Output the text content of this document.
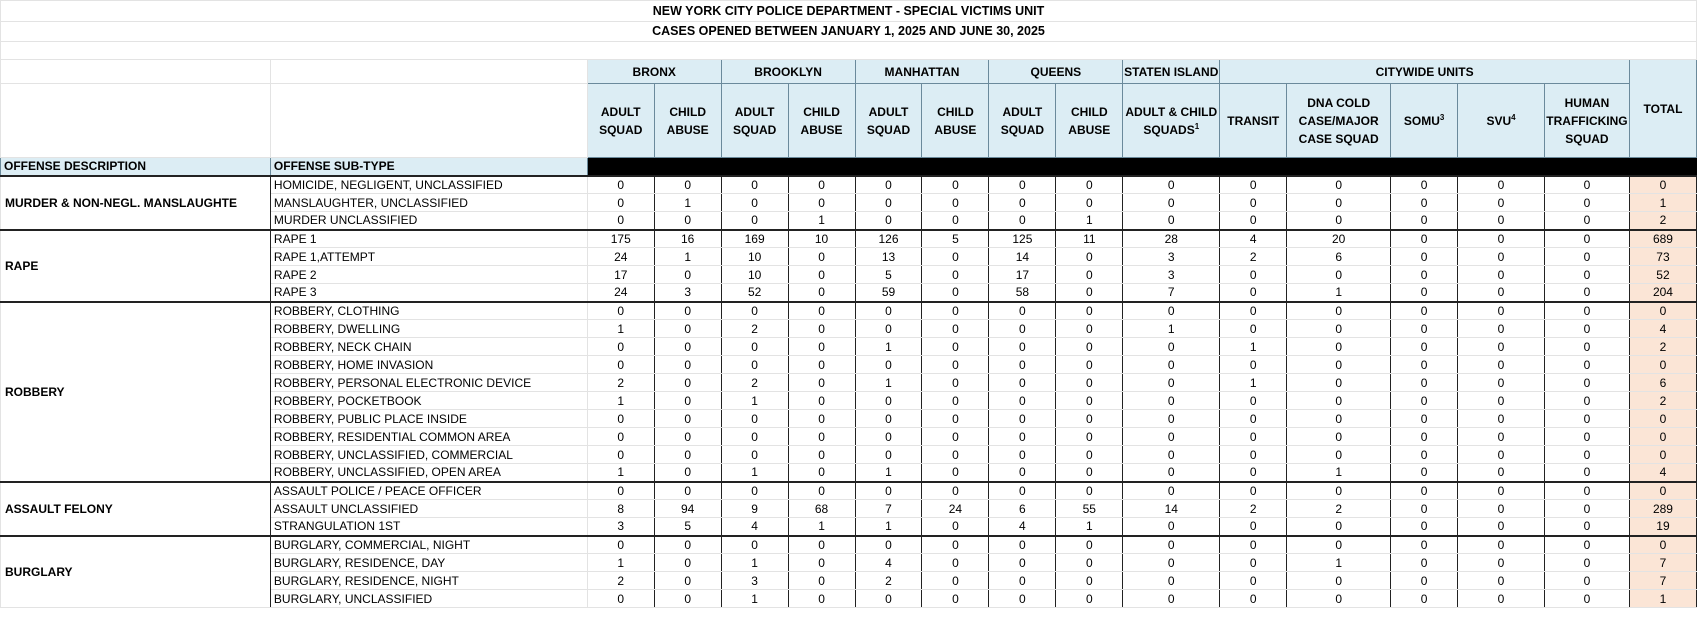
NEW YORK CITY POLICE DEPARTMENT - SPECIAL VICTIMS UNIT																
CASES OPENED BETWEEN JANUARY 1, 2025 AND JUNE 30, 2025																

		BRONX		BROOKLYN		MANHATTAN		QUEENS		STATEN ISLAND	CITYWIDE UNITS					TOTAL
		ADULT SQUAD	CHILD ABUSE	ADULT SQUAD	CHILD ABUSE	ADULT SQUAD	CHILD ABUSE	ADULT SQUAD	CHILD ABUSE	ADULT & CHILD SQUADS$^1$	TRANSIT	DNA COLD CASE/MAJOR CASE SQUAD	SOMU$^3$	SVU$^4$	HUMAN TRAFFICKING SQUAD	
OFFENSE DESCRIPTION	OFFENSE SUB-TYPE															
MURDER & NON-NEGL. MANSLAUGHTE	HOMICIDE, NEGLIGENT, UNCLASSIFIED	0	0	0	0	0	0	0	0	0	0	0	0	0	0	0
	MANSLAUGHTER, UNCLASSIFIED	0	1	0	0	0	0	0	0	0	0	0	0	0	0	1
	MURDER UNCLASSIFIED	0	0	0	1	0	0	0	1	0	0	0	0	0	0	2
RAPE	RAPE 1	175	16	169	10	126	5	125	11	28	4	20	0	0	0	689
	RAPE 1,ATTEMPT	24	1	10	0	13	0	14	0	3	2	6	0	0	0	73
	RAPE 2	17	0	10	0	5	0	17	0	3	0	0	0	0	0	52
	RAPE 3	24	3	52	0	59	0	58	0	7	0	1	0	0	0	204
ROBBERY	ROBBERY, CLOTHING	0	0	0	0	0	0	0	0	0	0	0	0	0	0	0
	ROBBERY, DWELLING	1	0	2	0	0	0	0	0	1	0	0	0	0	0	4
	ROBBERY, NECK CHAIN	0	0	0	0	1	0	0	0	0	1	0	0	0	0	2
	ROBBERY, HOME INVASION	0	0	0	0	0	0	0	0	0	0	0	0	0	0	0
	ROBBERY, PERSONAL ELECTRONIC DEVICE	2	0	2	0	1	0	0	0	0	1	0	0	0	0	6
	ROBBERY, POCKETBOOK	1	0	1	0	0	0	0	0	0	0	0	0	0	0	2
	ROBBERY, PUBLIC PLACE INSIDE	0	0	0	0	0	0	0	0	0	0	0	0	0	0	0
	ROBBERY, RESIDENTIAL COMMON AREA	0	0	0	0	0	0	0	0	0	0	0	0	0	0	0
	ROBBERY, UNCLASSIFIED, COMMERCIAL	0	0	0	0	0	0	0	0	0	0	0	0	0	0	0
	ROBBERY, UNCLASSIFIED, OPEN AREA	1	0	1	0	1	0	0	0	0	0	1	0	0	0	4
ASSAULT FELONY	ASSAULT POLICE / PEACE OFFICER	0	0	0	0	0	0	0	0	0	0	0	0	0	0	0
	ASSAULT UNCLASSIFIED	8	94	9	68	7	24	6	55	14	2	2	0	0	0	289
	STRANGULATION 1ST	3	5	4	1	1	0	4	1	0	0	0	0	0	0	19
BURGLARY	BURGLARY, COMMERCIAL, NIGHT	0	0	0	0	0	0	0	0	0	0	0	0	0	0	0
	BURGLARY, RESIDENCE, DAY	1	0	1	0	4	0	0	0	0	0	1	0	0	0	7
	BURGLARY, RESIDENCE, NIGHT	2	0	3	0	2	0	0	0	0	0	0	0	0	0	7
	BURGLARY, UNCLASSIFIED	0	0	1	0	0	0	0	0	0	0	0	0	0	0	1
